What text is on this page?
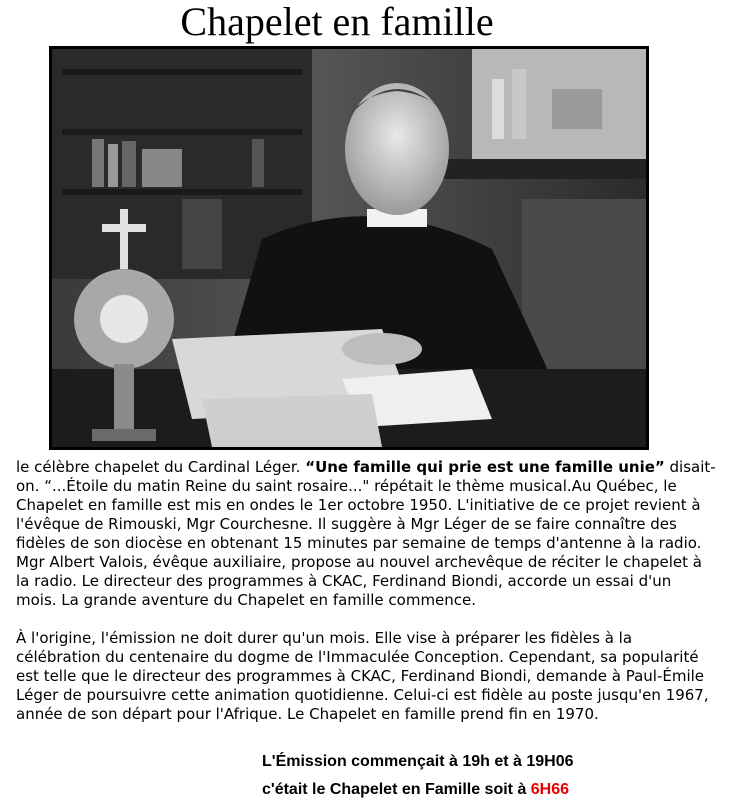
Chapelet en famille

le célèbre chapelet du Cardinal Léger. “Une famille qui prie est une famille unie” disait-on. “...Étoile du matin Reine du saint rosaire..." répétait le thème musical.Au Québec, le Chapelet en famille est mis en ondes le 1er octobre 1950. L'initiative de ce projet revient à l'évêque de Rimouski, Mgr Courchesne. Il suggère à Mgr Léger de se faire connaître des fidèles de son diocèse en obtenant 15 minutes par semaine de temps d'antenne à la radio. Mgr Albert Valois, évêque auxiliaire, propose au nouvel archevêque de réciter le chapelet à la radio. Le directeur des programmes à CKAC, Ferdinand Biondi, accorde un essai d'un mois. La grande aventure du Chapelet en famille commence.

À l'origine, l'émission ne doit durer qu'un mois. Elle vise à préparer les fidèles à la célébration du centenaire du dogme de l'Immaculée Conception. Cependant, sa popularité est telle que le directeur des programmes à CKAC, Ferdinand Biondi, demande à Paul-Émile Léger de poursuivre cette animation quotidienne. Celui-ci est fidèle au poste jusqu'en 1967, année de son départ pour l'Afrique. Le Chapelet en famille prend fin en 1970.

L'Émission commençait à 19h et à 19H06
c'était le Chapelet en Famille soit à 6H66
